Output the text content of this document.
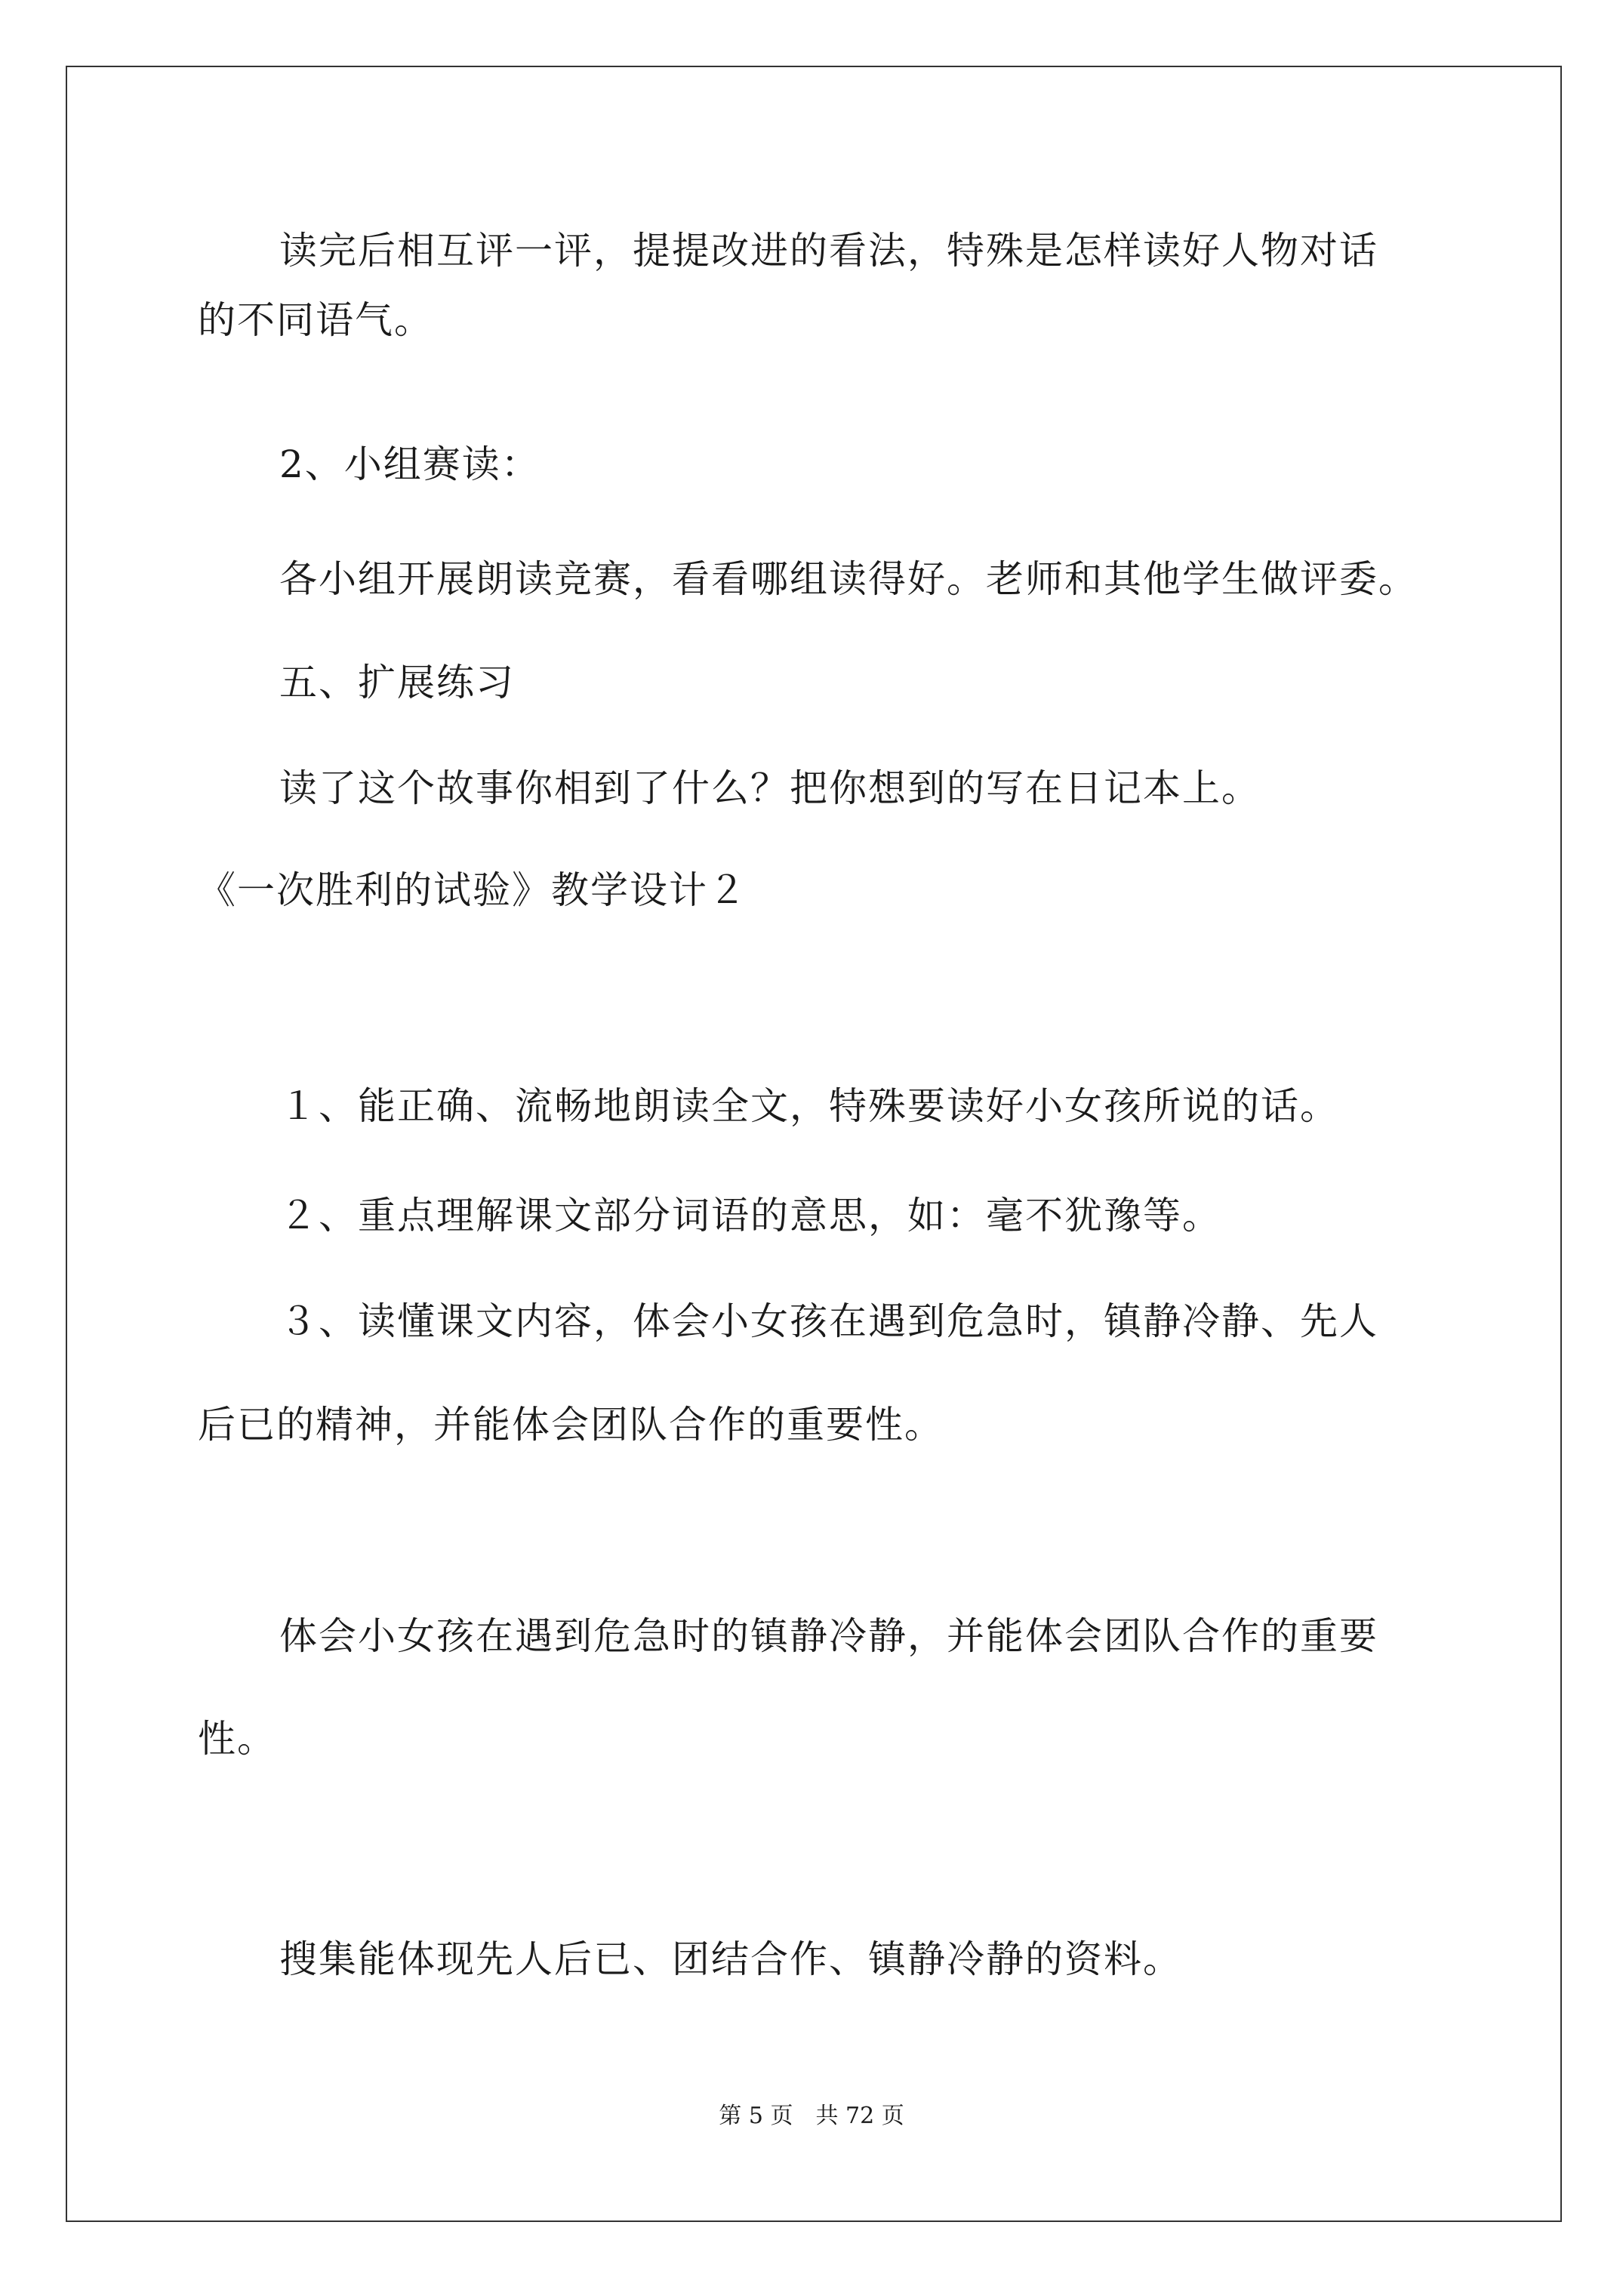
读完后相互评一评，提提改进的看法，特殊是怎样读好人物对话
的不同语气。
2、小组赛读：
各小组开展朗读竞赛，看看哪组读得好。老师和其他学生做评委。
五、扩展练习
读了这个故事你相到了什么？把你想到的写在日记本上。
《一次胜利的试验》教学设计２
１、能正确、流畅地朗读全文，特殊要读好小女孩所说的话。
２、重点理解课文部分词语的意思，如：毫不犹豫等。
３、读懂课文内容，体会小女孩在遇到危急时，镇静冷静、先人
后已的精神，并能体会团队合作的重要性。
体会小女孩在遇到危急时的镇静冷静，并能体会团队合作的重要
性。
搜集能体现先人后已、团结合作、镇静冷静的资料。
第 5 页　共 72 页
